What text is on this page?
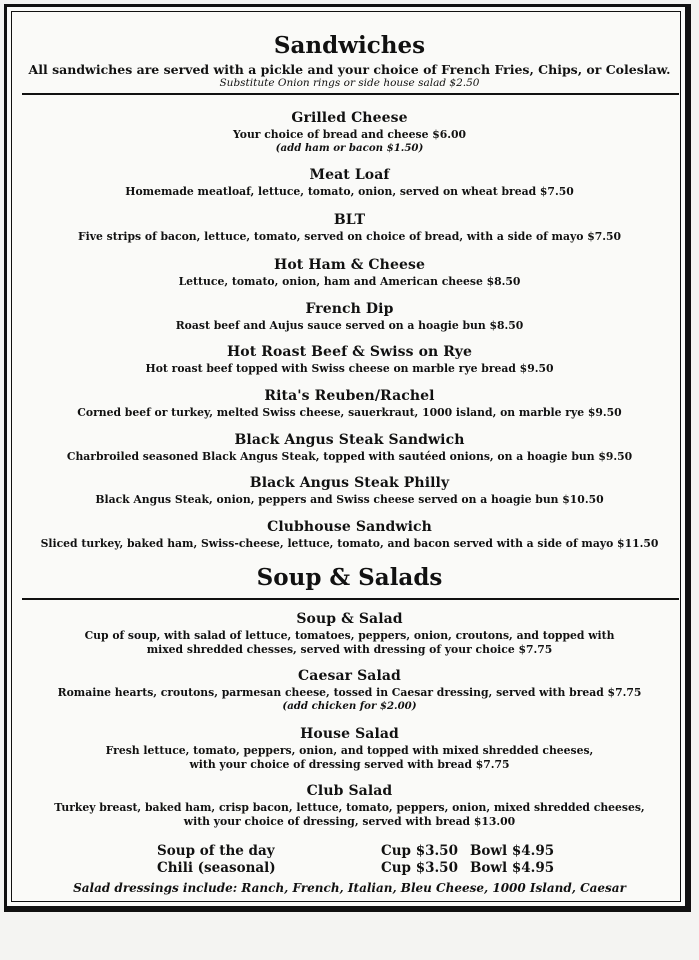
Sandwiches
All sandwiches are served with a pickle and your choice of French Fries, Chips, or Coleslaw.
Substitute Onion rings or side house salad $2.50
Grilled Cheese
Your choice of bread and cheese $6.00
(add ham or bacon $1.50)
Meat Loaf
Homemade meatloaf, lettuce, tomato, onion, served on wheat bread $7.50
BLT
Five strips of bacon, lettuce, tomato, served on choice of bread, with a side of mayo $7.50
Hot Ham & Cheese
Lettuce, tomato, onion, ham and American cheese $8.50
French Dip
Roast beef and Aujus sauce served on a hoagie bun $8.50
Hot Roast Beef & Swiss on Rye
Hot roast beef topped with Swiss cheese on marble rye bread $9.50
Rita's Reuben/Rachel
Corned beef or turkey, melted Swiss cheese, sauerkraut, 1000 island, on marble rye $9.50
Black Angus Steak Sandwich
Charbroiled seasoned Black Angus Steak, topped with sautéed onions, on a hoagie bun $9.50
Black Angus Steak Philly
Black Angus Steak, onion, peppers and Swiss cheese served on a hoagie bun $10.50
Clubhouse Sandwich
Sliced turkey, baked ham, Swiss-cheese, lettuce, tomato, and bacon served with a side of mayo $11.50
Soup & Salads
Soup & Salad
Cup of soup, with salad of lettuce, tomatoes, peppers, onion, croutons, and topped with
mixed shredded chesses, served with dressing of your choice $7.75
Caesar Salad
Romaine hearts, croutons, parmesan cheese, tossed in Caesar dressing, served with bread $7.75
(add chicken for $2.00)
House Salad
Fresh lettuce, tomato, peppers, onion, and topped with mixed shredded cheeses,
with your choice of dressing served with bread $7.75
Club Salad
Turkey breast, baked ham, crisp bacon, lettuce, tomato, peppers, onion, mixed shredded cheeses,
with your choice of dressing, served with bread $13.00
Soup of the day	Cup $3.50 Bowl $4.95
Chili (seasonal)	Cup $3.50 Bowl $4.95
Salad dressings include: Ranch, French, Italian, Bleu Cheese, 1000 Island, Caesar
